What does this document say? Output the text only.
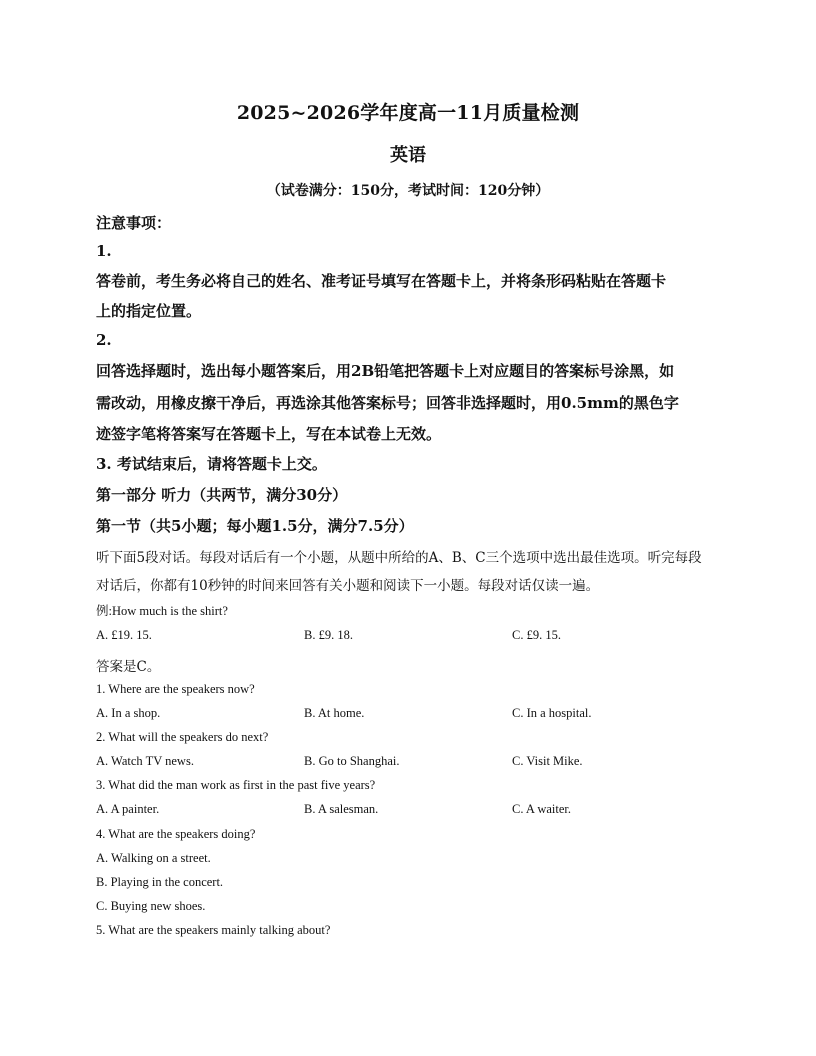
2025~2026学年度高一11月质量检测
英语
（试卷满分：150分，考试时间：120分钟）
注意事项：
1.
答卷前，考生务必将自己的姓名、准考证号填写在答题卡上，并将条形码粘贴在答题卡
上的指定位置。
2.
回答选择题时，选出每小题答案后，用2B铅笔把答题卡上对应题目的答案标号涂黑，如
需改动，用橡皮擦干净后，再选涂其他答案标号；回答非选择题时，用0.5mm的黑色字
迹签字笔将答案写在答题卡上，写在本试卷上无效。
3. 考试结束后，请将答题卡上交。
第一部分 听力（共两节，满分30分）
第一节（共5小题；每小题1.5分，满分7.5分）
听下面5段对话。每段对话后有一个小题，从题中所给的A、B、C三个选项中选出最佳选项。听完每段
对话后，你都有10秒钟的时间来回答有关小题和阅读下一小题。每段对话仅读一遍。
例:How much is the shirt?
A. £19. 15.	B. £9. 18.	C. £9. 15.
答案是C。
1. Where are the speakers now?
A. In a shop.	B. At home.	C. In a hospital.
2. What will the speakers do next?
A. Watch TV news.	B. Go to Shanghai.	C. Visit Mike.
3. What did the man work as first in the past five years?
A. A painter.	B. A salesman.	C. A waiter.
4. What are the speakers doing?
A. Walking on a street.
B. Playing in the concert.
C. Buying new shoes.
5. What are the speakers mainly talking about?
